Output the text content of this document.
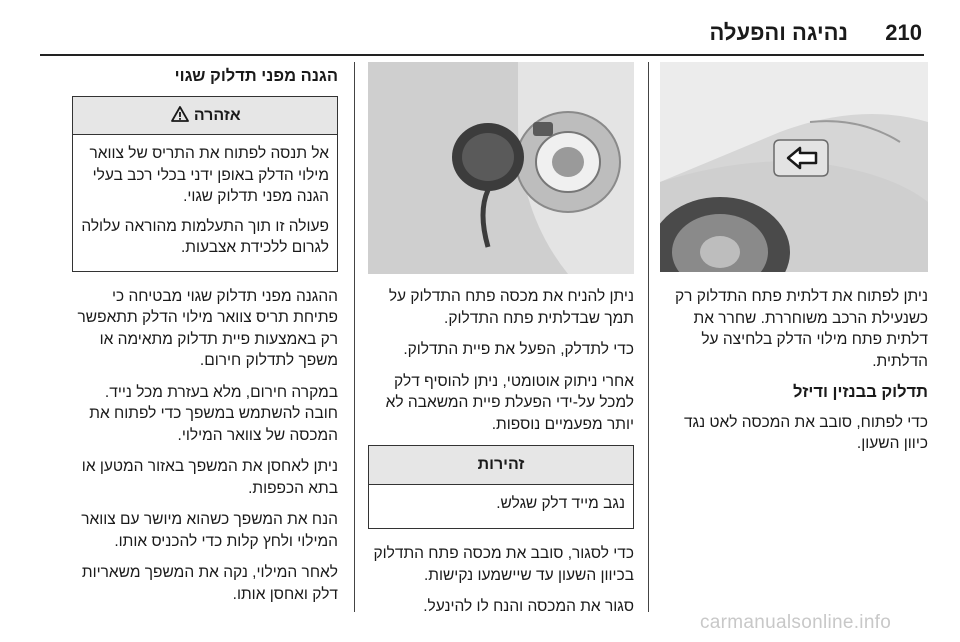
210
נהיגה והפעלה

ניתן לפתוח את דלתית פתח התדלוק רק כשנעילת הרכב משוחררת. שחרר את דלתית פתח מילוי הדלק בלחיצה על הדלתית.

תדלוק בבנזין ודיזל

כדי לפתוח, סובב את המכסה לאט נגד כיוון השעון.

ניתן להניח את מכסה פתח התדלוק על תמך שבדלתית פתח התדלוק.

כדי לתדלק, הפעל את פיית התדלוק.

אחרי ניתוק אוטומטי, ניתן להוסיף דלק למכל על-ידי הפעלת פיית המשאבה לא יותר מפעמיים נוספות.

זהירות

נגב מייד דלק שגלש.

כדי לסגור, סובב את מכסה פתח התדלוק בכיוון השעון עד שיישמעו נקישות.

סגור את המכסה והנח לו להינעל.

הגנה מפני תדלוק שגוי
אזהרה

אל תנסה לפתוח את התריס של צוואר מילוי הדלק באופן ידני בכלי רכב בעלי הגנה מפני תדלוק שגוי.

פעולה זו תוך התעלמות מהוראה עלולה לגרום ללכידת אצבעות.

ההגנה מפני תדלוק שגוי מבטיחה כי פתיחת תריס צוואר מילוי הדלק תתאפשר רק באמצעות פיית תדלוק מתאימה או משפך לתדלוק חירום.

במקרה חירום, מלא בעזרת מכל נייד. חובה להשתמש במשפך כדי לפתוח את המכסה של צוואר המילוי.

ניתן לאחסן את המשפך באזור המטען או בתא הכפפות.

הנח את המשפך כשהוא מיושר עם צוואר המילוי ולחץ קלות כדי להכניס אותו.

לאחר המילוי, נקה את המשפך משאריות דלק ואחסן אותו.

carmanualsonline.info
